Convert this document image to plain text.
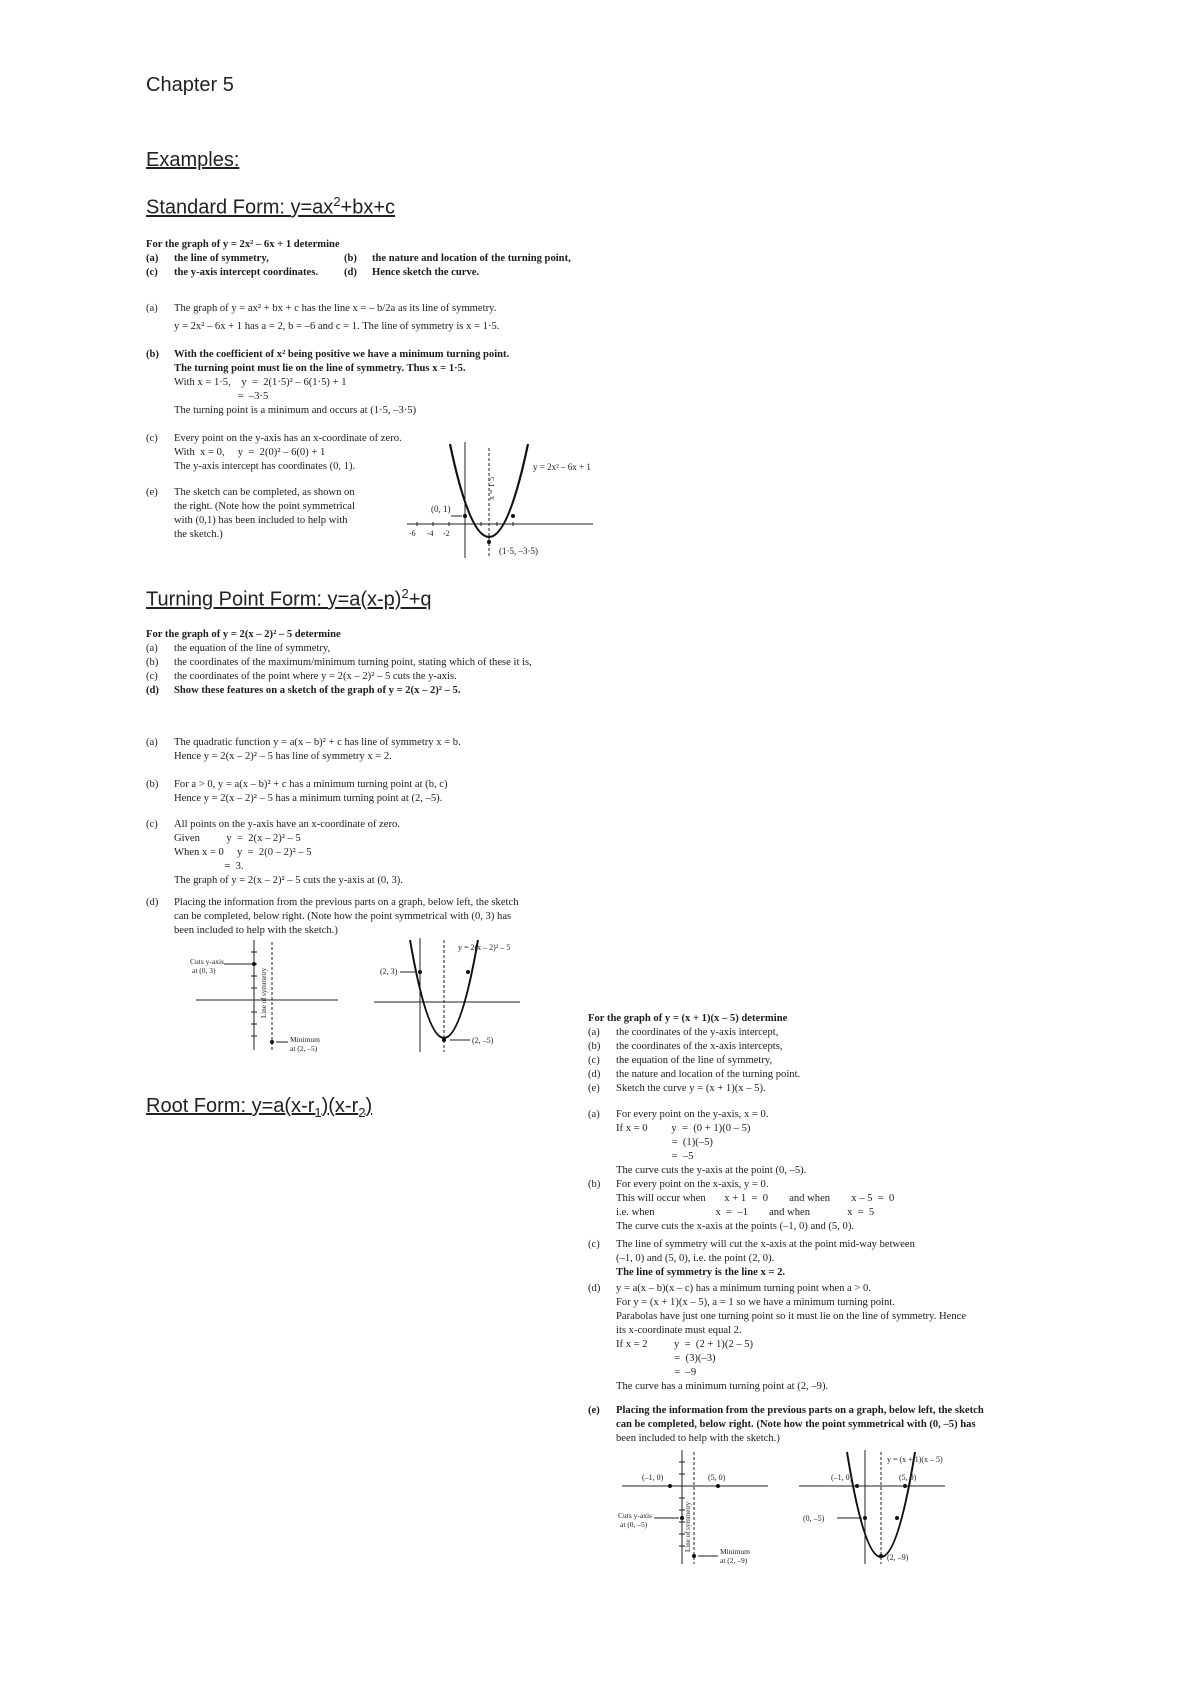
Chapter 5
Examples:
Standard Form: $y=ax^2+bx+c$
For the graph of y = 2x² – 6x + 1 determine
(a) the line of symmetry,	(b) the nature and location of the turning point,
(c) the y-axis intercept coordinates. (d) Hence sketch the curve.
(a) The graph of y = ax² + bx + c has the line x = – b/2a as its line of symmetry.
y = 2x² – 6x + 1 has a = 2, b = –6 and c = 1. The line of symmetry is x = 1·5.
(b) With the coefficient of x² being positive we have a minimum turning point.
The turning point must lie on the line of symmetry. Thus x = 1·5.
With x = 1·5,    y  =  2(1·5)² – 6(1·5) + 1
=  –3·5
The turning point is a minimum and occurs at (1·5, –3·5)
(c) Every point on the y-axis has an x-coordinate of zero.
With  x = 0,     y  =  2(0)² – 6(0) + 1
The y-axis intercept has coordinates (0, 1).
(e) The sketch can be completed, as shown on
the right. (Note how the point symmetrical
with (0,1) has been included to help with
the sketch.)	-6 -4 -2
x = 1·5
(0, 1)
(1·5, –3·5)
y = 2x² – 6x + 1
Turning Point Form: $y=a(x-p)^2+q$
For the graph of y = 2(x – 2)² – 5 determine
(a) the equation of the line of symmetry,
(b) the coordinates of the maximum/minimum turning point, stating which of these it is,
(c) the coordinates of the point where y = 2(x – 2)² – 5 cuts the y-axis.
(d) Show these features on a sketch of the graph of y = 2(x – 2)² – 5.
(a) The quadratic function y = a(x – b)² + c has line of symmetry x = b.
Hence y = 2(x – 2)² – 5 has line of symmetry x = 2.
(b) For a > 0, y = a(x – b)² + c has a minimum turning point at (b, c)
Hence y = 2(x – 2)² – 5 has a minimum turning point at (2, –5).
(c) All points on the y-axis have an x-coordinate of zero.
Given          y  =  2(x – 2)² – 5
When x = 0     y  =  2(0 – 2)² – 5
=  3.
The graph of y = 2(x – 2)² – 5 cuts the y-axis at (0, 3).
(d) Placing the information from the previous parts on a graph, below left, the sketch
can be completed, below right. (Note how the point symmetrical with (0, 3) has
been included to help with the sketch.)
Line of symmetry
Cuts y-axis
at (0, 3)
Minimum
at (2, –5)
(2, 3)
(2, –5)
y = 2(x – 2)² – 5
Root Form: $y=a(x-r_1)(x-r_2)$
For the graph of y = (x + 1)(x – 5) determine
(a) the coordinates of the y-axis intercept,
(b) the coordinates of the x-axis intercepts,
(c) the equation of the line of symmetry,
(d) the nature and location of the turning point.
(e) Sketch the curve y = (x + 1)(x – 5).
(a) For every point on the y-axis, x = 0.
If x = 0         y  =  (0 + 1)(0 – 5)
=  (1)(–5)
=  –5
The curve cuts the y-axis at the point (0, –5).
(b) For every point on the x-axis, y = 0.
This will occur when       x + 1  =  0        and when        x – 5  =  0
i.e. when                       x  =  –1        and when              x  =  5
The curve cuts the x-axis at the points (–1, 0) and (5, 0).
(c) The line of symmetry will cut the x-axis at the point mid-way between
(–1, 0) and (5, 0), i.e. the point (2, 0).
The line of symmetry is the line x = 2.
(d) y = a(x – b)(x – c) has a minimum turning point when a > 0.
For y = (x + 1)(x – 5), a = 1 so we have a minimum turning point.
Parabolas have just one turning point so it must lie on the line of symmetry. Hence
its x-coordinate must equal 2.
If x = 2          y  =  (2 + 1)(2 – 5)
=  (3)(–3)
=  –9
The curve has a minimum turning point at (2, –9).
(e) Placing the information from the previous parts on a graph, below left, the sketch
can be completed, below right. (Note how the point symmetrical with (0, –5) has
been included to help with the sketch.)
Line of symmetry
(–1, 0)	(5, 0)
Cuts y-axis
at (0, –5)
Minimum
at (2, –9)
(–1, 0)	(5, 0)
(0, –5)
(2, –9)
y = (x + 1)(x – 5)
